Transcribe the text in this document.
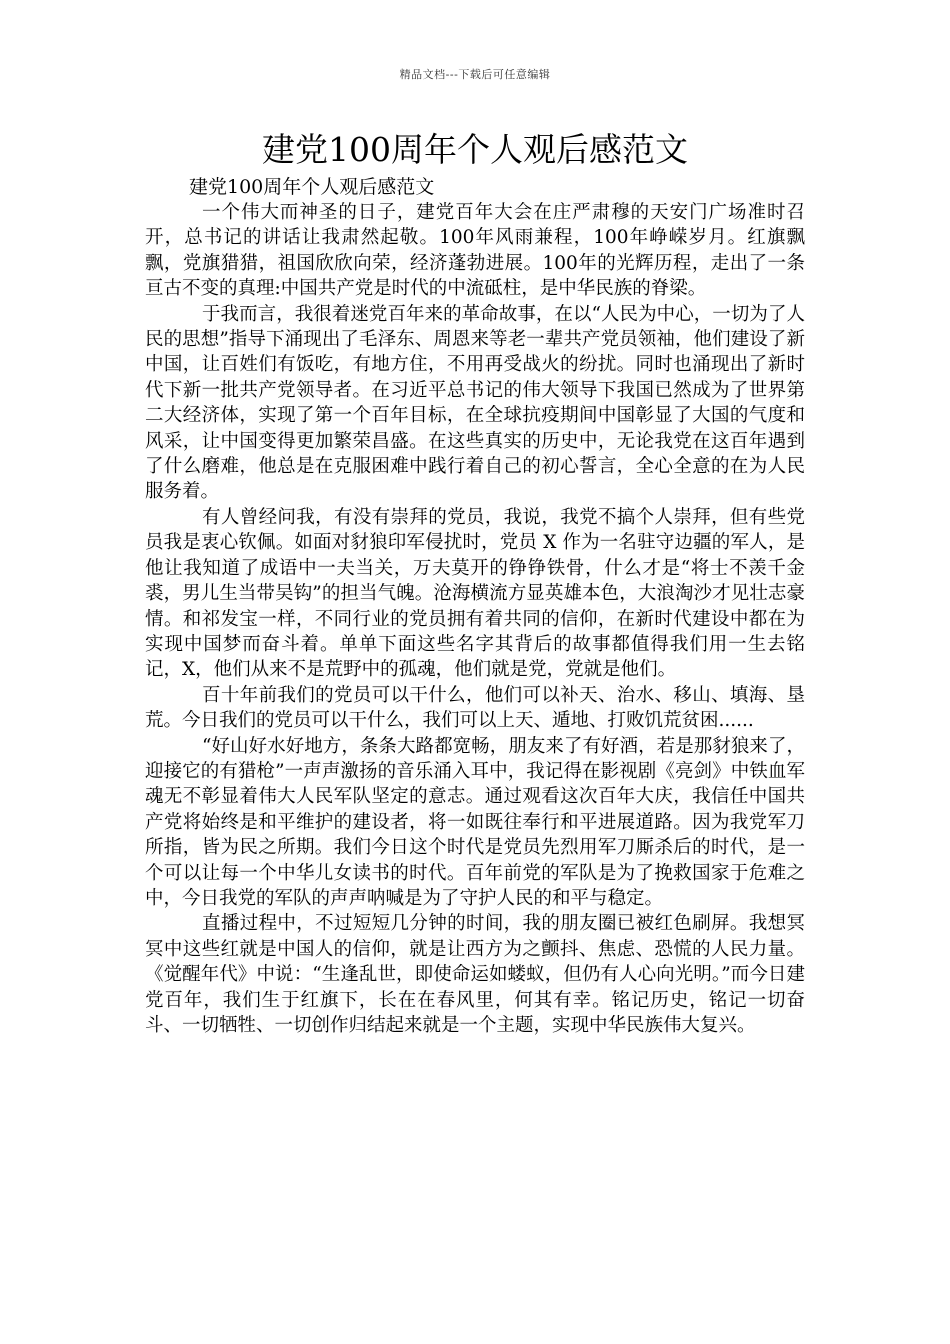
精品文档---下载后可任意编辑
建党100周年个人观后感范文

建党100周年个人观后感范文

一个伟大而神圣的日子，建党百年大会在庄严肃穆的天安门广场准时召开，总书记的讲话让我肃然起敬。100年风雨兼程，100年峥嵘岁月。红旗飘飘，党旗猎猎，祖国欣欣向荣，经济蓬勃进展。100年的光辉历程，走出了一条亘古不变的真理:中国共产党是时代的中流砥柱，是中华民族的脊梁。

于我而言，我很着迷党百年来的革命故事，在以“人民为中心，一切为了人民的思想”指导下涌现出了毛泽东、周恩来等老一辈共产党员领袖，他们建设了新中国，让百姓们有饭吃，有地方住，不用再受战火的纷扰。同时也涌现出了新时代下新一批共产党领导者。在习近平总书记的伟大领导下我国已然成为了世界第二大经济体，实现了第一个百年目标，在全球抗疫期间中国彰显了大国的气度和风采，让中国变得更加繁荣昌盛。在这些真实的历史中，无论我党在这百年遇到了什么磨难，他总是在克服困难中践行着自己的初心誓言，全心全意的在为人民服务着。

有人曾经问我，有没有崇拜的党员，我说，我党不搞个人崇拜，但有些党员我是衷心钦佩。如面对豺狼印军侵扰时，党员 X 作为一名驻守边疆的军人，是他让我知道了成语中一夫当关，万夫莫开的铮铮铁骨，什么才是“将士不羡千金裘，男儿生当带吴钩”的担当气魄。沧海横流方显英雄本色，大浪淘沙才见壮志豪情。和祁发宝一样，不同行业的党员拥有着共同的信仰，在新时代建设中都在为实现中国梦而奋斗着。单单下面这些名字其背后的故事都值得我们用一生去铭记，X，他们从来不是荒野中的孤魂，他们就是党，党就是他们。

百十年前我们的党员可以干什么，他们可以补天、治水、移山、填海、垦荒。今日我们的党员可以干什么，我们可以上天、遁地、打败饥荒贫困......

“好山好水好地方，条条大路都宽畅，朋友来了有好酒，若是那豺狼来了，迎接它的有猎枪”一声声激扬的音乐涌入耳中，我记得在影视剧《亮剑》中铁血军魂无不彰显着伟大人民军队坚定的意志。通过观看这次百年大庆，我信任中国共产党将始终是和平维护的建设者，将一如既往奉行和平进展道路。因为我党军刀所指，皆为民之所期。我们今日这个时代是党员先烈用军刀厮杀后的时代，是一个可以让每一个中华儿女读书的时代。百年前党的军队是为了挽救国家于危难之中，今日我党的军队的声声呐喊是为了守护人民的和平与稳定。

直播过程中，不过短短几分钟的时间，我的朋友圈已被红色刷屏。我想冥冥中这些红就是中国人的信仰，就是让西方为之颤抖、焦虑、恐慌的人民力量。《觉醒年代》中说：“生逢乱世，即使命运如蝼蚁，但仍有人心向光明。”而今日建党百年，我们生于红旗下，长在在春风里，何其有幸。铭记历史，铭记一切奋斗、一切牺牲、一切创作归结起来就是一个主题，实现中华民族伟大复兴。
